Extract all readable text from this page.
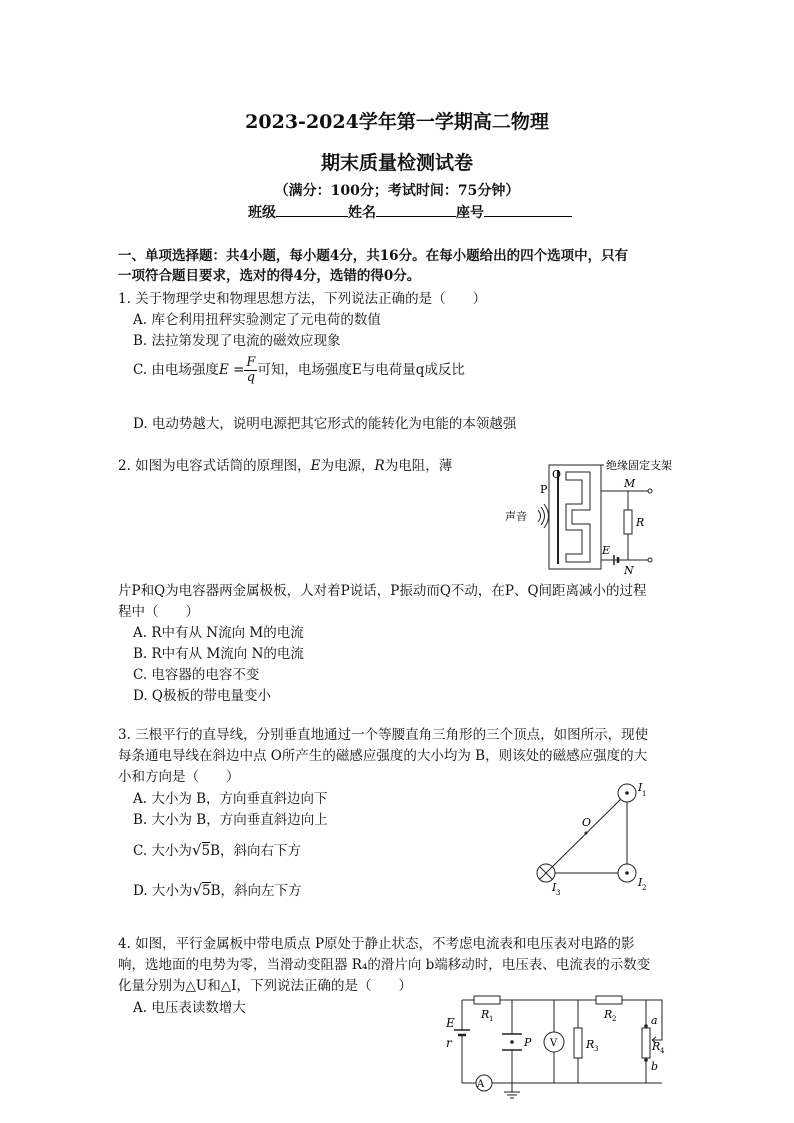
2023-2024学年第一学期高二物理
期末质量检测试卷
（满分：100分；考试时间：75分钟）
班级	姓名	座号
一、单项选择题：共4小题，每小题4分，共16分。在每小题给出的四个选项中，只有
一项符合题目要求，选对的得4分，选错的得0分。
1. 关于物理学史和物理思想方法，下列说法正确的是（　　）
A. 库仑利用扭秤实验测定了元电荷的数值
B. 法拉第发现了电流的磁效应现象
C. 由电场强度$E = \frac{F}{q}$ 可知，电场强度E与电荷量q成反比
D. 电动势越大，说明电源把其它形式的能转化为电能的本领越强
2. 如图为电容式话筒的原理图，E为电源，R为电阻，薄	绝缘固定支架
P
Q
声音
M
R
E
N
片P和Q为电容器两金属极板，人对着P说话，P振动而Q不动，在P、Q间距离减小的过程
程中（　　）
A. R中有从 N流向 M的电流
B. R中有从 M流向 N的电流
C. 电容器的电容不变
D. Q极板的带电量变小
3. 三根平行的直导线，分别垂直地通过一个等腰直角三角形的三个顶点，如图所示，现使
每条通电导线在斜边中点 O所产生的磁感应强度的大小均为 B，则该处的磁感应强度的大
小和方向是（　　）
A. 大小为 B，方向垂直斜边向下
B. 大小为 B，方向垂直斜边向上
C. 大小为√5B，斜向右下方
D. 大小为√5B，斜向左下方
O
I 1
I 2
I 3
4. 如图，平行金属板中带电质点 P原处于静止状态，不考虑电流表和电压表对电路的影
响，选地面的电势为零，当滑动变阻器 R₄的滑片向 b端移动时，电压表、电流表的示数变
化量分别为△U和△I，下列说法正确的是（　　）
A. 电压表读数增大
E
r
A
R 1
P V	R 3
R 2	a
R 4
b
